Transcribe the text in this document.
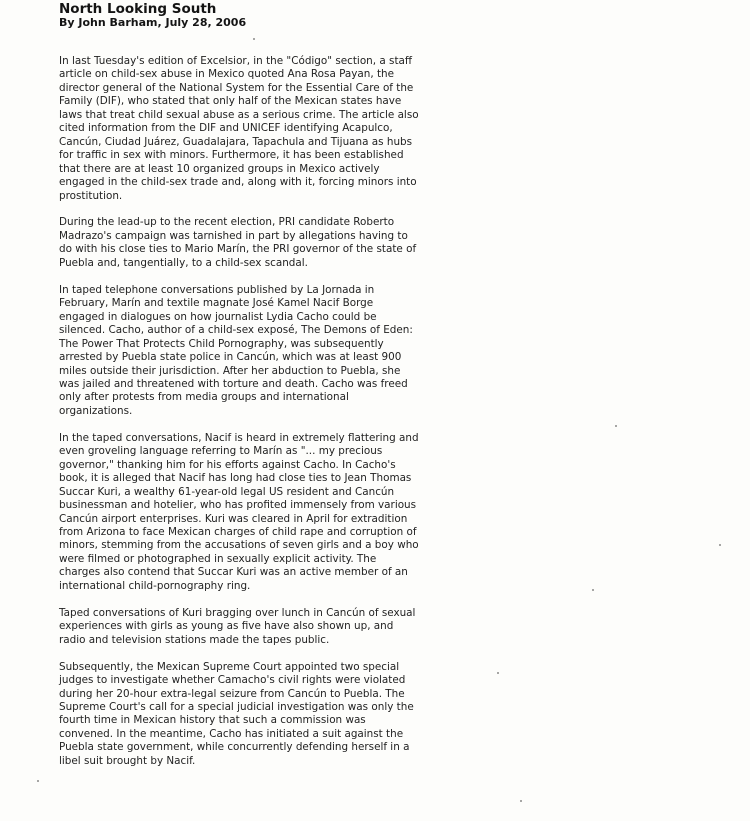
North Looking South

By John Barham, July 28, 2006

In last Tuesday's edition of Excelsior, in the "Código" section, a staff article on child-sex abuse in Mexico quoted Ana Rosa Payan, the director general of the National System for the Essential Care of the Family (DIF), who stated that only half of the Mexican states have laws that treat child sexual abuse as a serious crime. The article also cited information from the DIF and UNICEF identifying Acapulco, Cancún, Ciudad Juárez, Guadalajara, Tapachula and Tijuana as hubs for traffic in sex with minors. Furthermore, it has been established that there are at least 10 organized groups in Mexico actively engaged in the child-sex trade and, along with it, forcing minors into prostitution.

During the lead-up to the recent election, PRI candidate Roberto Madrazo's campaign was tarnished in part by allegations having to do with his close ties to Mario Marín, the PRI governor of the state of Puebla and, tangentially, to a child-sex scandal.

In taped telephone conversations published by La Jornada in February, Marín and textile magnate José Kamel Nacif Borge engaged in dialogues on how journalist Lydia Cacho could be silenced. Cacho, author of a child-sex exposé, The Demons of Eden: The Power That Protects Child Pornography, was subsequently arrested by Puebla state police in Cancún, which was at least 900 miles outside their jurisdiction. After her abduction to Puebla, she was jailed and threatened with torture and death. Cacho was freed only after protests from media groups and international organizations.

In the taped conversations, Nacif is heard in extremely flattering and even groveling language referring to Marín as "... my precious governor," thanking him for his efforts against Cacho. In Cacho's book, it is alleged that Nacif has long had close ties to Jean Thomas Succar Kuri, a wealthy 61-year-old legal US resident and Cancún businessman and hotelier, who has profited immensely from various Cancún airport enterprises. Kuri was cleared in April for extradition from Arizona to face Mexican charges of child rape and corruption of minors, stemming from the accusations of seven girls and a boy who were filmed or photographed in sexually explicit activity. The charges also contend that Succar Kuri was an active member of an international child-pornography ring.

Taped conversations of Kuri bragging over lunch in Cancún of sexual experiences with girls as young as five have also shown up, and radio and television stations made the tapes public.

Subsequently, the Mexican Supreme Court appointed two special judges to investigate whether Camacho's civil rights were violated during her 20-hour extra-legal seizure from Cancún to Puebla. The Supreme Court's call for a special judicial investigation was only the fourth time in Mexican history that such a commission was convened. In the meantime, Cacho has initiated a suit against the Puebla state government, while concurrently defending herself in a libel suit brought by Nacif.
